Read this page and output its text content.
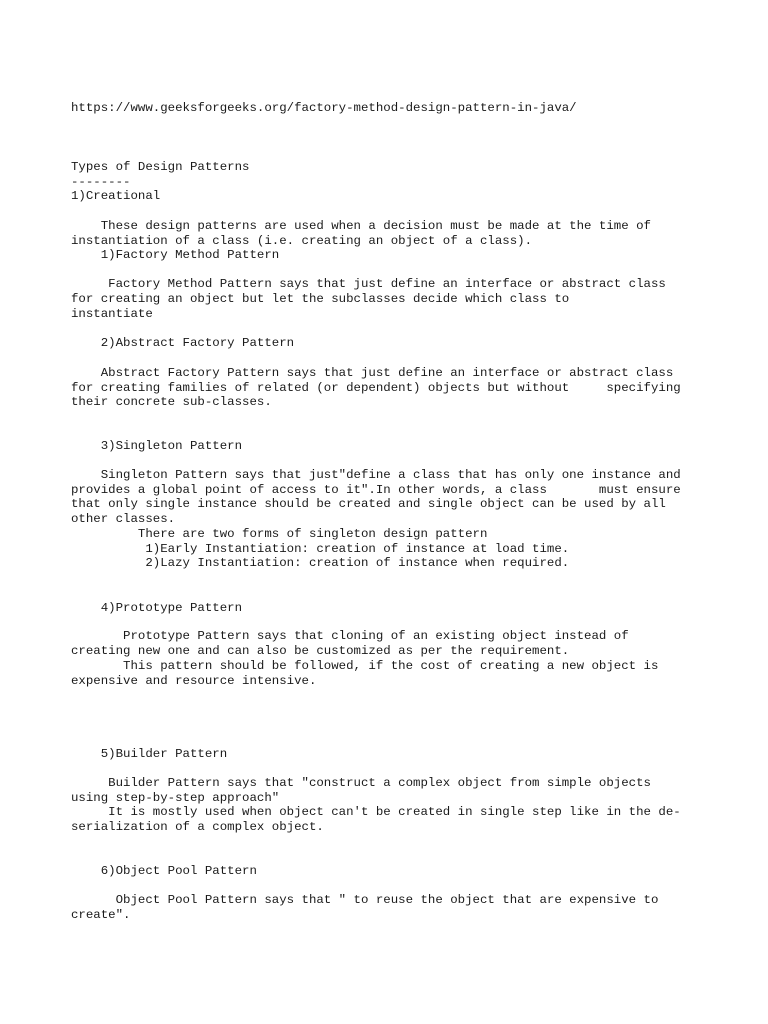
https://www.geeksforgeeks.org/factory-method-design-pattern-in-java/

Types of Design Patterns

--------

1)Creational

These design patterns are used when a decision must be made at the time of

instantiation of a class (i.e. creating an object of a class).

1)Factory Method Pattern

Factory Method Pattern says that just define an interface or abstract class

for creating an object but let the subclasses decide which class to

instantiate

2)Abstract Factory Pattern

Abstract Factory Pattern says that just define an interface or abstract class

for creating families of related (or dependent) objects but without     specifying

their concrete sub-classes.

3)Singleton Pattern

Singleton Pattern says that just"define a class that has only one instance and

provides a global point of access to it".In other words, a class       must ensure

that only single instance should be created and single object can be used by all

other classes.

There are two forms of singleton design pattern

1)Early Instantiation: creation of instance at load time.

2)Lazy Instantiation: creation of instance when required.

4)Prototype Pattern

Prototype Pattern says that cloning of an existing object instead of

creating new one and can also be customized as per the requirement.

This pattern should be followed, if the cost of creating a new object is

expensive and resource intensive.

5)Builder Pattern

Builder Pattern says that "construct a complex object from simple objects

using step-by-step approach"

It is mostly used when object can't be created in single step like in the de-

serialization of a complex object.

6)Object Pool Pattern

Object Pool Pattern says that " to reuse the object that are expensive to

create".
